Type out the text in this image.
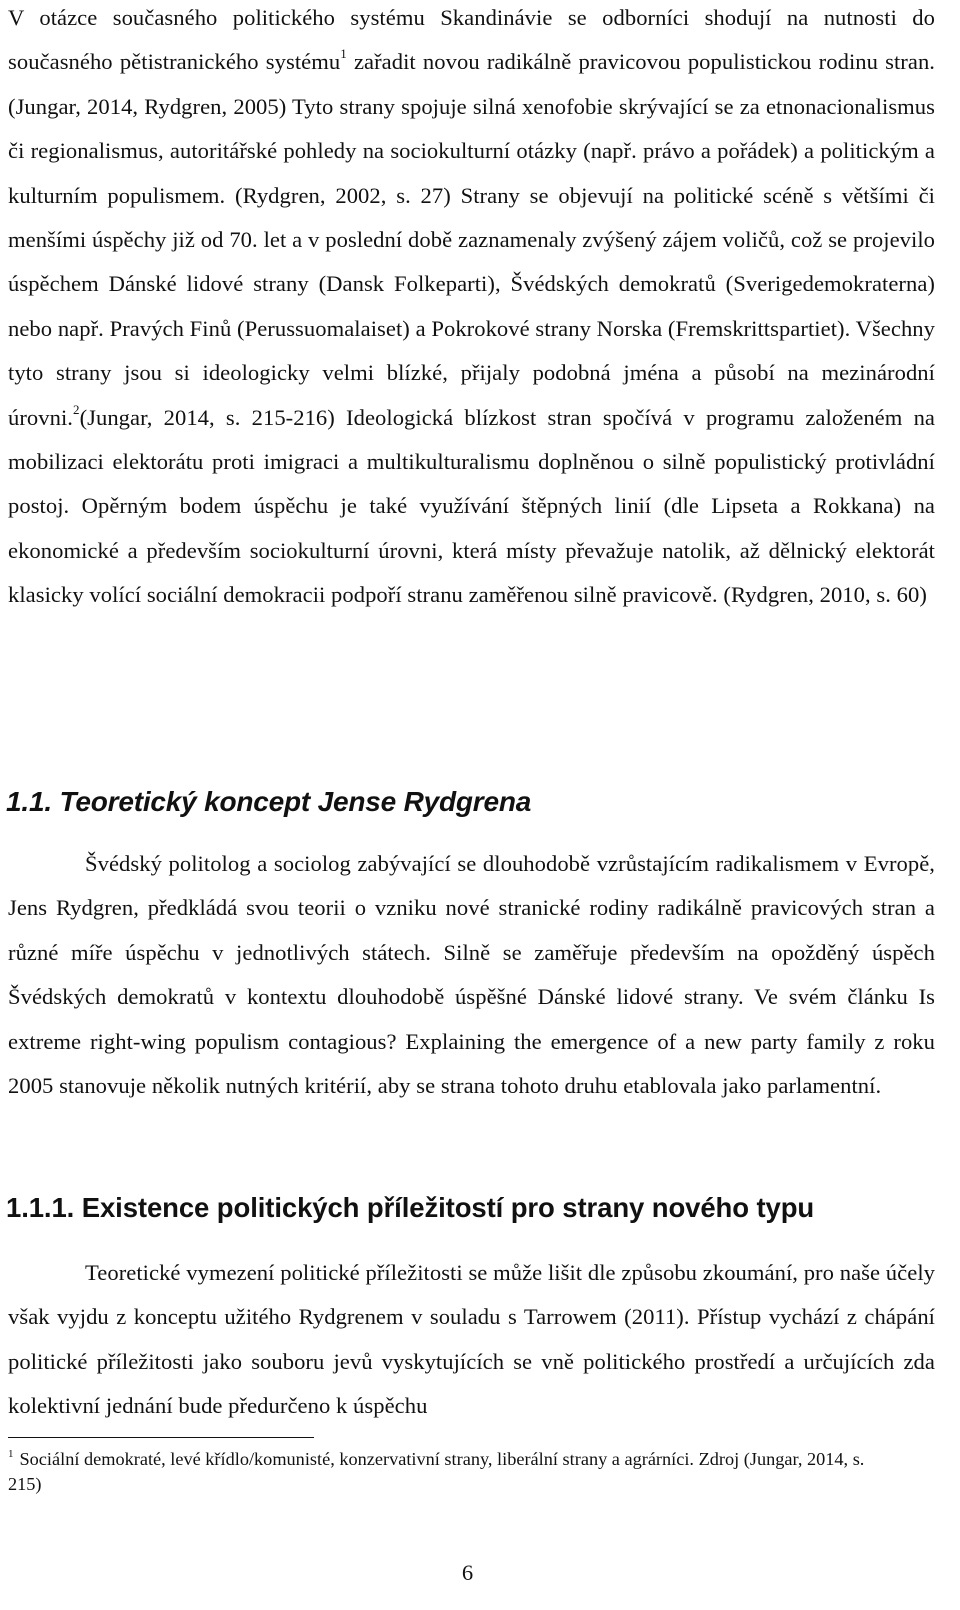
V otázce současného politického systému Skandinávie se odborníci shodují na nutnosti do současného pětistranického systému$^1$ zařadit novou radikálně pravicovou populistickou rodinu stran. (Jungar, 2014, Rydgren, 2005) Tyto strany spojuje silná xenofobie skrývající se za etnonacionalismus či regionalismus, autoritářské pohledy na sociokulturní otázky (např. právo a pořádek) a politickým a kulturním populismem. (Rydgren, 2002, s. 27) Strany se objevují na politické scéně s většími či menšími úspěchy již od 70. let a v poslední době zaznamenaly zvýšený zájem voličů, což se projevilo úspěchem Dánské lidové strany (Dansk Folkeparti), Švédských demokratů (Sverigedemokraterna) nebo např. Pravých Finů (Perussuomalaiset) a Pokrokové strany Norska (Fremskrittspartiet). Všechny tyto strany jsou si ideologicky velmi blízké, přijaly podobná jména a působí na mezinárodní úrovni.$^2$(Jungar, 2014, s. 215-216) Ideologická blízkost stran spočívá v programu založeném na mobilizaci elektorátu proti imigraci a multikulturalismu doplněnou o silně populistický protivládní postoj. Opěrným bodem úspěchu je také využívání štěpných linií (dle Lipseta a Rokkana) na ekonomické a především sociokulturní úrovni, která místy převažuje natolik, až dělnický elektorát klasicky volící sociální demokracii podpoří stranu zaměřenou silně pravicově. (Rydgren, 2010, s. 60)

1.1. Teoretický koncept Jense Rydgrena

Švédský politolog a sociolog zabývající se dlouhodobě vzrůstajícím radikalismem v Evropě, Jens Rydgren, předkládá svou teorii o vzniku nové stranické rodiny radikálně pravicových stran a různé míře úspěchu v jednotlivých státech. Silně se zaměřuje především na opožděný úspěch Švédských demokratů v kontextu dlouhodobě úspěšné Dánské lidové strany. Ve svém článku Is extreme right-wing populism contagious? Explaining the emergence of a new party family z roku 2005 stanovuje několik nutných kritérií, aby se strana tohoto druhu etablovala jako parlamentní.

1.1.1. Existence politických příležitostí pro strany nového typu

Teoretické vymezení politické příležitosti se může lišit dle způsobu zkoumání, pro naše účely však vyjdu z konceptu užitého Rydgrenem v souladu s Tarrowem (2011). Přístup vychází z chápání politické příležitosti jako souboru jevů vyskytujících se vně politického prostředí a určujících zda kolektivní jednání bude předurčeno k úspěchu

$^1$ Sociální demokraté, levé křídlo/komunisté, konzervativní strany, liberální strany a agrárníci. Zdroj (Jungar, 2014, s. 215)

6
